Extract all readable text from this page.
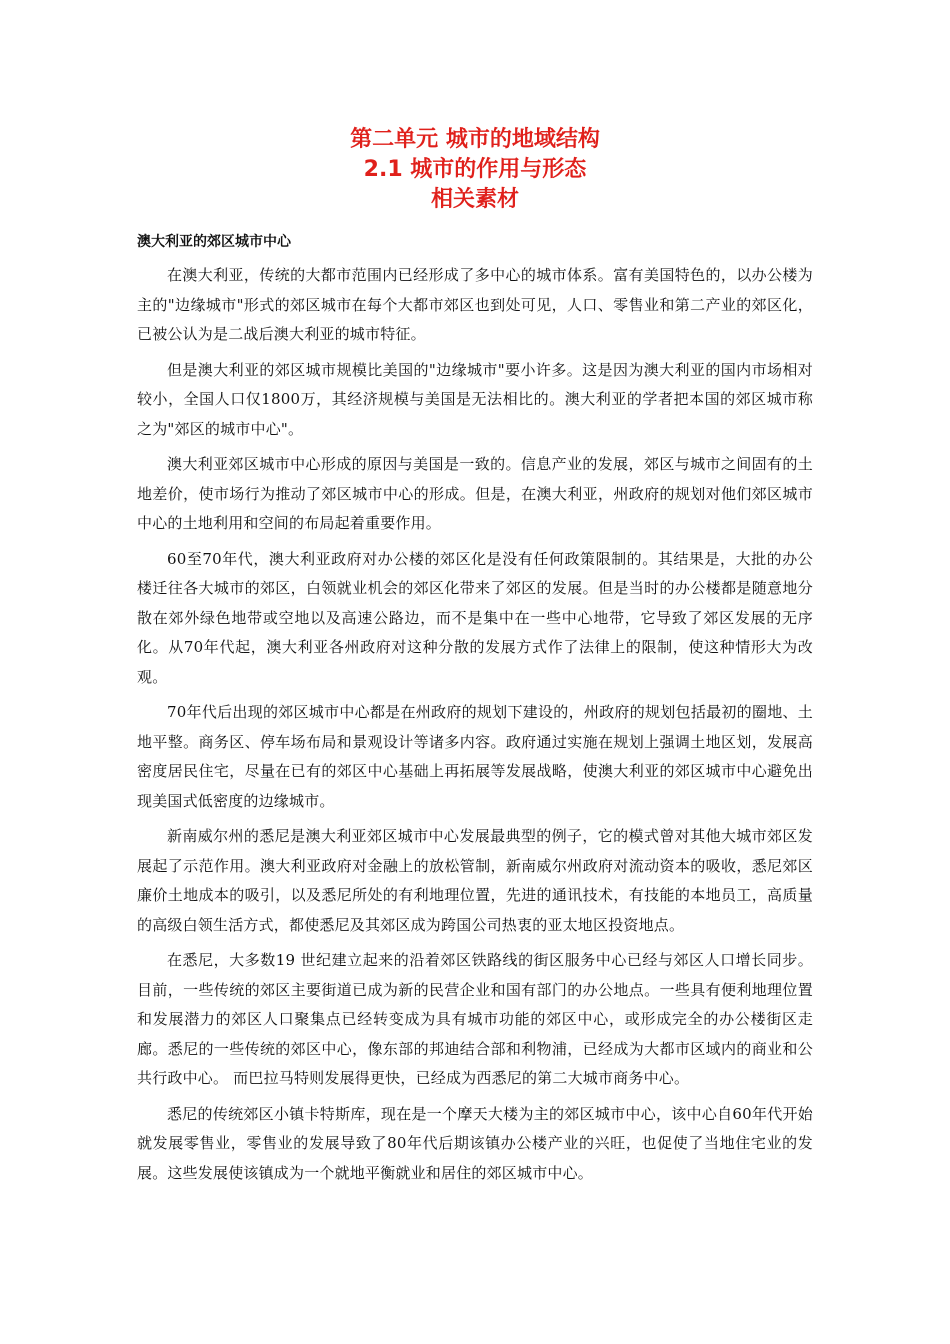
第二单元 城市的地域结构
2.1 城市的作用与形态
相关素材
澳大利亚的郊区城市中心

在澳大利亚，传统的大都市范围内已经形成了多中心的城市体系。富有美国特色的，以办公楼为主的"边缘城市"形式的郊区城市在每个大都市郊区也到处可见，人口、零售业和第二产业的郊区化，已被公认为是二战后澳大利亚的城市特征。

但是澳大利亚的郊区城市规模比美国的"边缘城市"要小许多。这是因为澳大利亚的国内市场相对较小，全国人口仅1800万，其经济规模与美国是无法相比的。澳大利亚的学者把本国的郊区城市称之为"郊区的城市中心"。

澳大利亚郊区城市中心形成的原因与美国是一致的。信息产业的发展，郊区与城市之间固有的土地差价，使市场行为推动了郊区城市中心的形成。但是，在澳大利亚，州政府的规划对他们郊区城市中心的土地利用和空间的布局起着重要作用。

60至70年代，澳大利亚政府对办公楼的郊区化是没有任何政策限制的。其结果是，大批的办公楼迁往各大城市的郊区，白领就业机会的郊区化带来了郊区的发展。但是当时的办公楼都是随意地分散在郊外绿色地带或空地以及高速公路边，而不是集中在一些中心地带，它导致了郊区发展的无序化。从70年代起，澳大利亚各州政府对这种分散的发展方式作了法律上的限制，使这种情形大为改观。

70年代后出现的郊区城市中心都是在州政府的规划下建设的，州政府的规划包括最初的圈地、土地平整。商务区、停车场布局和景观设计等诸多内容。政府通过实施在规划上强调土地区划，发展高密度居民住宅，尽量在已有的郊区中心基础上再拓展等发展战略，使澳大利亚的郊区城市中心避免出现美国式低密度的边缘城市。

新南威尔州的悉尼是澳大利亚郊区城市中心发展最典型的例子，它的模式曾对其他大城市郊区发展起了示范作用。澳大利亚政府对金融上的放松管制，新南威尔州政府对流动资本的吸收，悉尼郊区廉价土地成本的吸引，以及悉尼所处的有利地理位置，先进的通讯技术，有技能的本地员工，高质量的高级白领生活方式，都使悉尼及其郊区成为跨国公司热衷的亚太地区投资地点。

在悉尼，大多数19 世纪建立起来的沿着郊区铁路线的街区服务中心已经与郊区人口增长同步。目前，一些传统的郊区主要街道已成为新的民营企业和国有部门的办公地点。一些具有便利地理位置和发展潜力的郊区人口聚集点已经转变成为具有城市功能的郊区中心，或形成完全的办公楼街区走廊。悉尼的一些传统的郊区中心，像东部的邦迪结合部和利物浦，已经成为大都市区域内的商业和公共行政中心。 而巴拉马特则发展得更快，已经成为西悉尼的第二大城市商务中心。

悉尼的传统郊区小镇卡特斯库，现在是一个摩天大楼为主的郊区城市中心，该中心自60年代开始就发展零售业，零售业的发展导致了80年代后期该镇办公楼产业的兴旺，也促使了当地住宅业的发展。这些发展使该镇成为一个就地平衡就业和居住的郊区城市中心。
